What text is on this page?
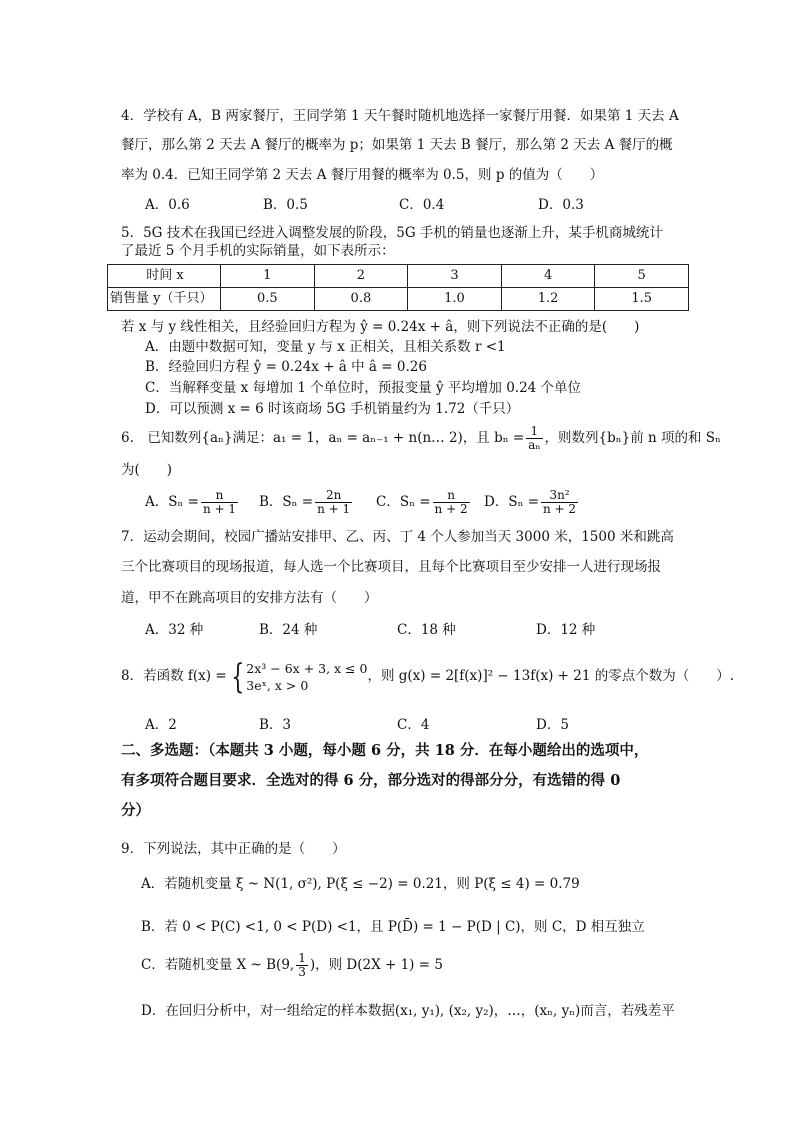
4．学校有 A，B 两家餐厅，王同学第 1 天午餐时随机地选择一家餐厅用餐．如果第 1 天去 A
餐厅，那么第 2 天去 A 餐厅的概率为 p；如果第 1 天去 B 餐厅，那么第 2 天去 A 餐厅的概
率为 0.4．已知王同学第 2 天去 A 餐厅用餐的概率为 0.5，则 p 的值为（　　）
A．0.6	B．0.5	C．0.4	D．0.3
5．5G 技术在我国已经进入调整发展的阶段，5G 手机的销量也逐渐上升，某手机商城统计
了最近 5 个月手机的实际销量，如下表所示：
时间 x	1	2	3	4	5
销售量 y（千只）	0.5	0.8	1.0	1.2	1.5
若 x 与 y 线性相关，且经验回归方程为 ŷ = 0.24x + â，则下列说法不正确的是(　　)
A．由题中数据可知，变量 y 与 x 正相关，且相关系数 r <1
B．经验回归方程 ŷ = 0.24x + â 中 â = 0.26
C．当解释变量 x 每增加 1 个单位时，预报变量 ŷ 平均增加 0.24 个单位
D．可以预测 x = 6 时该商场 5G 手机销量约为 1.72（千只）
6.　已知数列{aₙ}满足：a₁ = 1，aₙ = aₙ₋₁ + n(n… 2)，且 $b_n = \frac{1}{\text{aₙ}}$ ，则数列{bₙ}前 n 项的和 Sₙ
为(　　)
A．$S_n = \frac{n}{n + 1}$ B．$S_n = \frac{2n}{n + 1}$ C．$S_n = \frac{n}{n + 2}$ D．$S_n = \frac{\text{3n²}}{n + 2}$
7．运动会期间，校园广播站安排甲、乙、丙、丁 4 个人参加当天 3000 米，1500 米和跳高
三个比赛项目的现场报道，每人选一个比赛项目，且每个比赛项目至少安排一人进行现场报
道，甲不在跳高项目的安排方法有（　　）
A．32 种	B．24 种	C．18 种	D．12 种
8．若函数 f(x) = { 2x³ − 6x + 3, x ≤ 0
3eˣ, x > 0
，则 g(x) = 2[f(x)]² − 13f(x) + 21 的零点个数为（　　）.
A．2	B．3	C．4	D．5
二、多选题：（本题共 3 小题，每小题 6 分，共 18 分．在每小题给出的选项中，
有多项符合题目要求．全选对的得 6 分，部分选对的得部分分，有选错的得 0
分）
9．下列说法，其中正确的是（　　）
A．若随机变量 ξ ~ N(1, σ²), P(ξ ≤ −2) = 0.21，则 P(ξ ≤ 4) = 0.79
B．若 0 < P(C) <1, 0 < P(D) <1，且 P(D̄) = 1 − P(D | C)，则 C，D 相互独立
C．若随机变量 X ~ B(9, $\frac{1}{3}$ )，则 D(2X + 1) = 5
D．在回归分析中，对一组给定的样本数据(x₁, y₁), (x₂, y₂)，…，(xₙ, yₙ)而言，若残差平
